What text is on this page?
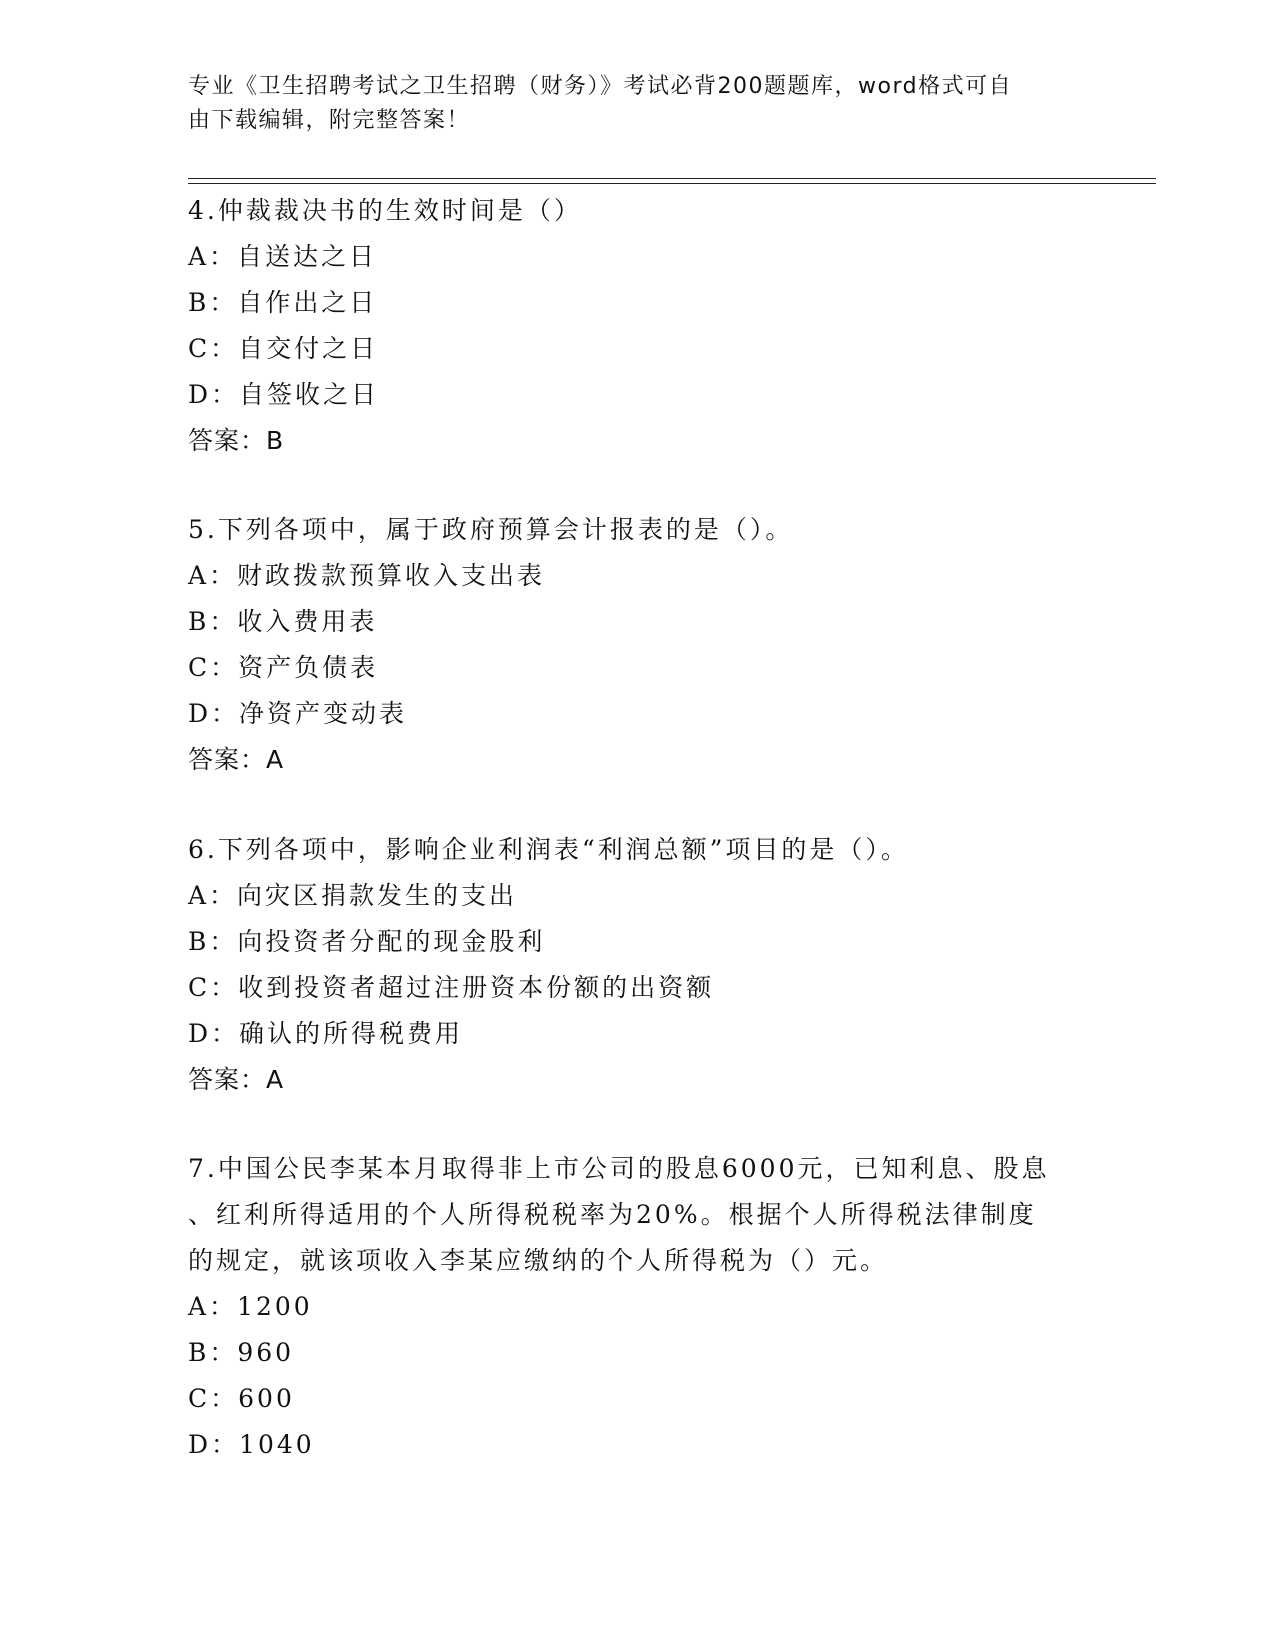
专业《卫生招聘考试之卫生招聘（财务）》考试必背200题题库，word格式可自
由下载编辑，附完整答案！

4.仲裁裁决书的生效时间是（）

A：自送达之日

B：自作出之日

C：自交付之日

D：自签收之日

答案：B

5.下列各项中，属于政府预算会计报表的是（）。

A：财政拨款预算收入支出表

B：收入费用表

C：资产负债表

D：净资产变动表

答案：A

6.下列各项中，影响企业利润表“利润总额”项目的是（）。

A：向灾区捐款发生的支出

B：向投资者分配的现金股利

C：收到投资者超过注册资本份额的出资额

D：确认的所得税费用

答案：A

7.中国公民李某本月取得非上市公司的股息6000元，已知利息、股息

、红利所得适用的个人所得税税率为20%。根据个人所得税法律制度

的规定，就该项收入李某应缴纳的个人所得税为（）元。

A：1200

B：960

C：600

D：1040
